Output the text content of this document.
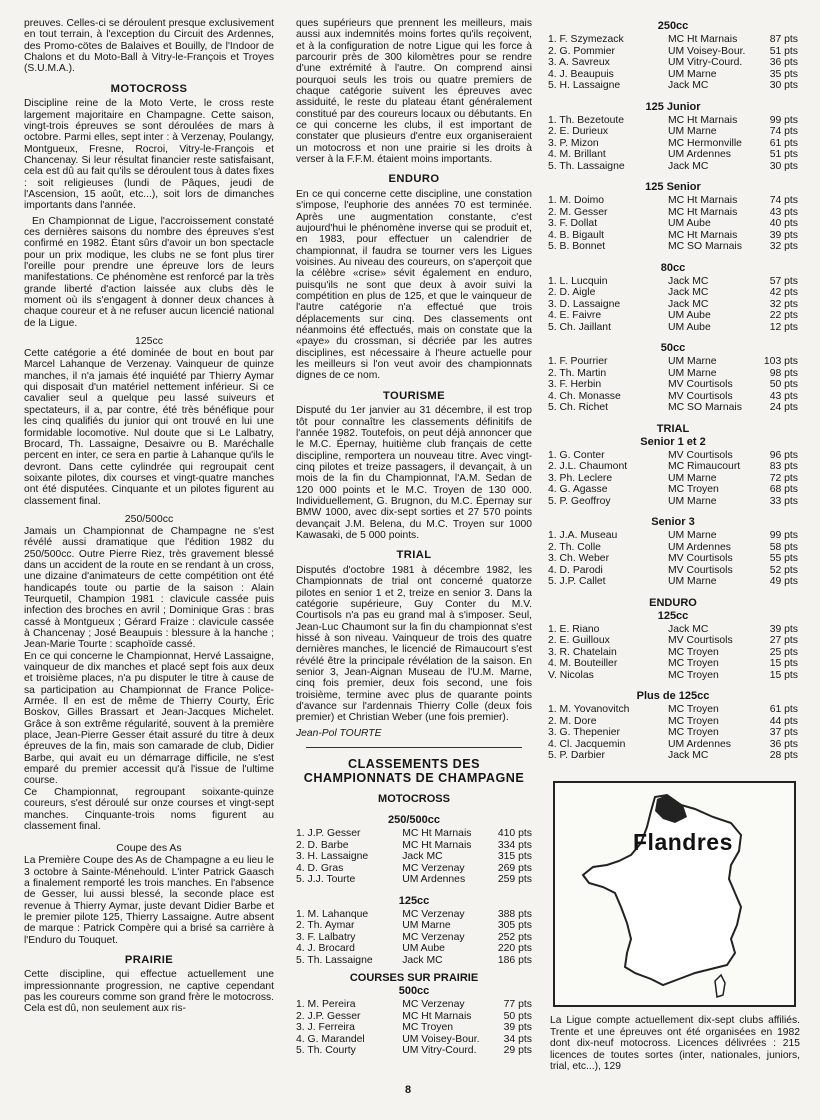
preuves. Celles-ci se déroulent presque exclusivement en tout terrain, à l'exception du Circuit des Ardennes, des Promo-cötes de Balaives et Bouilly, de l'Indoor de Chalons et du Moto-Ball à Vitry-le-François et Troyes (S.U.M.A.).

MOTOCROSS

Discipline reine de la Moto Verte, le cross reste largement majoritaire en Champagne. Cette saison, vingt-trois épreuves se sont déroulées de mars à octobre. Parmi elles, sept inter : à Verzenay, Poulangy, Montgueux, Fresne, Rocroi, Vitry-le-François et Chancenay. Si leur résultat financier reste satisfaisant, cela est dû au fait qu'ils se déroulent tous à dates fixes : soit religieuses (lundi de Pâques, jeudi de l'Ascension, 15 août, etc...), soit lors de dimanches importants dans l'année.

En Championnat de Ligue, l'accroissement constaté ces dernières saisons du nombre des épreuves s'est confirmé en 1982. Étant sûrs d'avoir un bon spectacle pour un prix modique, les clubs ne se font plus tirer l'oreille pour prendre une épreuve lors de leurs manifestations. Ce phénomène est renforcé par la très grande liberté d'action laissée aux clubs dès le moment où ils s'engagent à donner deux chances à chaque coureur et à ne refuser aucun licencié national de la Ligue.

125cc

Cette catégorie a été dominée de bout en bout par Marcel Lahanque de Verzenay. Vainqueur de quinze manches, il n'a jamais été inquiété par Thierry Aymar qui disposait d'un matériel nettement inférieur. Si ce cavalier seul a quelque peu lassé suiveurs et spectateurs, il a, par contre, été très bénéfique pour les cinq qualifiés du junior qui ont trouvé en lui une formidable locomotive. Nul doute que si Le Lalbatry, Brocard, Th. Lassaigne, Desaivre ou B. Maréchalle percent en inter, ce sera en partie à Lahanque qu'ils le devront. Dans cette cylindrée qui regroupait cent soixante pilotes, dix courses et vingt-quatre manches ont été disputées. Cinquante et un pilotes figurent au classement final.

250/500cc

Jamais un Championnat de Champagne ne s'est révélé aussi dramatique que l'édition 1982 du 250/500cc. Outre Pierre Riez, très gravement blessé dans un accident de la route en se rendant à un cross, une dizaine d'animateurs de cette compétition ont été handicapés toute ou partie de la saison : Alain Teurquetil, Champion 1981 : clavicule cassée puis infection des broches en avril ; Dominique Gras : bras cassé à Montgueux ; Gérard Fraize : clavicule cassée à Chancenay ; José Beaupuis : blessure à la hanche ; Jean-Marie Tourte : scaphoïde cassé.

En ce qui concerne le Championnat, Hervé Lassaigne, vainqueur de dix manches et placé sept fois aux deux et troisième places, n'a pu disputer le titre à cause de sa participation au Championnat de France Police-Armée. Il en est de même de Thierry Courty, Éric Boskov, Gilles Brassart et Jean-Jacques Michelet. Grâce à son extrême régularité, souvent à la première place, Jean-Pierre Gesser était assuré du titre à deux épreuves de la fin, mais son camarade de club, Didier Barbe, qui avait eu un démarrage difficile, ne s'est emparé du premier accessit qu'à l'issue de l'ultime course.

Ce Championnat, regroupant soixante-quinze coureurs, s'est déroulé sur onze courses et vingt-sept manches. Cinquante-trois noms figurent au classement final.

Coupe des As

La Première Coupe des As de Champagne a eu lieu le 3 octobre à Sainte-Ménehould. L'inter Patrick Gaasch a finalement remporté les trois manches. En l'absence de Gesser, lui aussi blessé, la seconde place est revenue à Thierry Aymar, juste devant Didier Barbe et le premier pilote 125, Thierry Lassaigne. Autre absent de marque : Patrick Compère qui a brisé sa carrière à l'Enduro du Touquet.

PRAIRIE

Cette discipline, qui effectue actuellement une impressionnante progression, ne captive cependant pas les coureurs comme son grand frère le motocross. Cela est dû, non seulement aux ris-

ques supérieurs que prennent les meilleurs, mais aussi aux indemnités moins fortes qu'ils reçoivent, et à la configuration de notre Ligue qui les force à parcourir près de 300 kilomètres pour se rendre d'une extrémité à l'autre. On comprend ainsi pourquoi seuls les trois ou quatre premiers de chaque catégorie suivent les épreuves avec assiduité, le reste du plateau étant généralement constitué par des coureurs locaux ou débutants. En ce qui concerne les clubs, il est important de constater que plusieurs d'entre eux organiseraient un motocross et non une prairie si les droits à verser à la F.F.M. étaient moins importants.

ENDURO

En ce qui concerne cette discipline, une constation s'impose, l'euphorie des années 70 est terminée. Après une augmentation constante, c'est aujourd'hui le phénomène inverse qui se produit et, en 1983, pour effectuer un calendrier de championnat, il faudra se tourner vers les Ligues voisines. Au niveau des coureurs, on s'aperçoit que la célèbre «crise» sévit également en enduro, puisqu'ils ne sont que deux à avoir suivi la compétition en plus de 125, et que le vainqueur de l'autre catégorie n'a effectué que trois déplacements sur cinq. Des classements ont néanmoins été effectués, mais on constate que la «paye» du crossman, si décriée par les autres disciplines, est nécessaire à l'heure actuelle pour les meilleurs si l'on veut avoir des championnats dignes de ce nom.

TOURISME

Disputé du 1er janvier au 31 décembre, il est trop tôt pour connaître les classements définitifs de l'année 1982. Toutefois, on peut déjà annoncer que le M.C. Épernay, huitième club français de cette discipline, remportera un nouveau titre. Avec vingt-cinq pilotes et treize passagers, il devançait, à un mois de la fin du Championnat, l'A.M. Sedan de 120 000 points et le M.C. Troyen de 130 000. Individuellement, G. Brugnon, du M.C. Épernay sur BMW 1000, avec dix-sept sorties et 27 570 points devançait J.M. Belena, du M.C. Troyen sur 1000 Kawasaki, de 5 000 points.

TRIAL

Disputés d'octobre 1981 à décembre 1982, les Championnats de trial ont concerné quatorze pilotes en senior 1 et 2, treize en senior 3. Dans la catégorie supérieure, Guy Conter du M.V. Courtisols n'a pas eu grand mal à s'imposer. Seul, Jean-Luc Chaumont sur la fin du championnat s'est hissé à son niveau. Vainqueur de trois des quatre dernières manches, le licencié de Rimaucourt s'est révélé être la principale révélation de la saison. En senior 3, Jean-Aignan Museau de l'U.M. Marne, cinq fois premier, deux fois second, une fois troisième, termine avec plus de quarante points d'avance sur l'ardennais Thierry Colle (deux fois premier) et Christian Weber (une fois premier).

Jean-Pol TOURTE

CLASSEMENTS DES
CHAMPIONNATS DE CHAMPAGNE
MOTOCROSS
250/500cc
1. J.P. Gesser	MC Ht Marnais	410 pts
2. D. Barbe	MC Ht Marnais	334 pts
3. H. Lassaigne	Jack MC	315 pts
4. D. Gras	MC Verzenay	269 pts
5. J.J. Tourte	UM Ardennes	259 pts
125cc
1. M. Lahanque	MC Verzenay	388 pts
2. Th. Aymar	UM Marne	305 pts
3. F. Lalbatry	MC Verzenay	252 pts
4. J. Brocard	UM Aube	220 pts
5. Th. Lassaigne	Jack MC	186 pts
COURSES SUR PRAIRIE
500cc
1. M. Pereira	MC Verzenay	77 pts
2. J.P. Gesser	MC Ht Marnais	50 pts
3. J. Ferreira	MC Troyen	39 pts
4. G. Marandel	UM Voisey-Bour.	34 pts
5. Th. Courty	UM Vitry-Courd.	29 pts
250cc
1. F. Szymezack	MC Ht Marnais	87 pts
2. G. Pommier	UM Voisey-Bour.	51 pts
3. A. Savreux	UM Vitry-Courd.	36 pts
4. J. Beaupuis	UM Marne	35 pts
5. H. Lassaigne	Jack MC	30 pts
125 Junior
1. Th. Bezetoute	MC Ht Marnais	99 pts
2. E. Durieux	UM Marne	74 pts
3. P. Mizon	MC Hermonville	61 pts
4. M. Brillant	UM Ardennes	51 pts
5. Th. Lassaigne	Jack MC	30 pts
125 Senior
1. M. Doimo	MC Ht Marnais	74 pts
2. M. Gesser	MC Ht Marnais	43 pts
3. F. Dollat	UM Aube	40 pts
4. B. Bigault	MC Ht Marnais	39 pts
5. B. Bonnet	MC SO Marnais	32 pts
80cc
1. L. Lucquin	Jack MC	57 pts
2. D. Aigle	Jack MC	42 pts
3. D. Lassaigne	Jack MC	32 pts
4. E. Faivre	UM Aube	22 pts
5. Ch. Jaillant	UM Aube	12 pts
50cc
1. F. Pourrier	UM Marne	103 pts
2. Th. Martin	UM Marne	98 pts
3. F. Herbin	MV Courtisols	50 pts
4. Ch. Monasse	MV Courtisols	43 pts
5. Ch. Richet	MC SO Marnais	24 pts
TRIAL
Senior 1 et 2
1. G. Conter	MV Courtisols	96 pts
2. J.L. Chaumont	MC Rimaucourt	83 pts
3. Ph. Leclere	UM Marne	72 pts
4. G. Agasse	MC Troyen	68 pts
5. P. Geoffroy	UM Marne	33 pts
Senior 3
1. J.A. Museau	UM Marne	99 pts
2. Th. Colle	UM Ardennes	58 pts
3. Ch. Weber	MV Courtisols	55 pts
4. D. Parodi	MV Courtisols	52 pts
5. J.P. Callet	UM Marne	49 pts
ENDURO
125cc
1. E. Riano	Jack MC	39 pts
2. E. Guilloux	MV Courtisols	27 pts
3. R. Chatelain	MC Troyen	25 pts
4. M. Bouteiller	MC Troyen	15 pts
V. Nicolas	MC Troyen	15 pts
Plus de 125cc
1. M. Yovanovitch	MC Troyen	61 pts
2. M. Dore	MC Troyen	44 pts
3. G. Thepenier	MC Troyen	37 pts
4. Cl. Jacquemin	UM Ardennes	36 pts
5. P. Darbier	Jack MC	28 pts
Flandres

La Ligue compte actuellement dix-sept clubs affiliés. Trente et une épreuves ont été organisées en 1982 dont dix-neuf motocross. Licences délivrées : 215 licences de toutes sortes (inter, nationales, juniors, trial, etc...), 129

8
